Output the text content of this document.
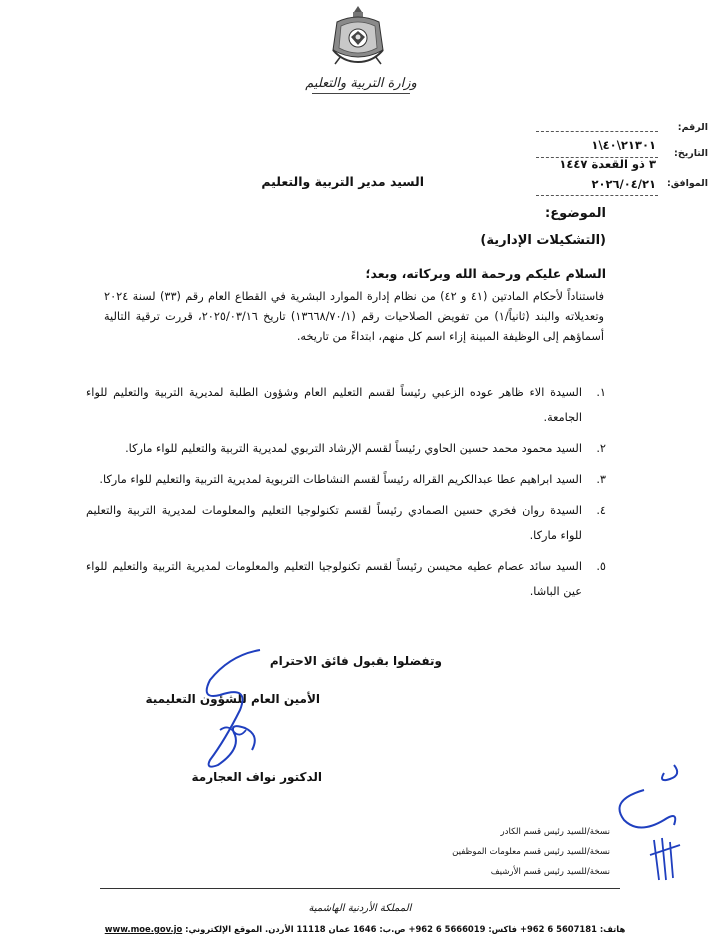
وزارة التربية والتعليم
الرقم:
التاريخ:
٢١٣٠١\٤٠\١
٣ ذو القعدة ١٤٤٧
الموافق:
٢٠٢٦/٠٤/٢١
السيد مدير التربية والتعليم
الموضوع:
(التشكيلات الإدارية)
السلام عليكم ورحمة الله وبركاته، وبعد؛
فاستناداً لأحكام المادتين (٤١ و ٤٢) من نظام إدارة الموارد البشرية في القطاع العام رقم (٣٣) لسنة ٢٠٢٤ وتعديلاته والبند (ثانياً/١) من تفويض الصلاحيات رقم (١٣٦٦٨/٧٠/١) تاريخ ٢٠٢٥/٠٣/١٦، قررت ترقية التالية أسماؤهم إلى الوظيفة المبينة إزاء اسم كل منهم، ابتداءً من تاريخه.
١.
السيدة الاء ظاهر عوده الزعبي رئيساً لقسم التعليم العام وشؤون الطلبة لمديرية التربية والتعليم للواء الجامعة.
٢.
السيد محمود محمد حسين الحاوي رئيساً لقسم الإرشاد التربوي لمديرية التربية والتعليم للواء ماركا.
٣.
السيد ابراهيم عطا عبدالكريم القراله رئيساً لقسم النشاطات التربوية لمديرية التربية والتعليم للواء ماركا.
٤.
السيدة روان فخري حسين الصمادي رئيساً لقسم تكنولوجيا التعليم والمعلومات لمديرية التربية والتعليم للواء ماركا.
٥.
السيد سائد عصام عطيه محيسن رئيساً لقسم تكنولوجيا التعليم والمعلومات لمديرية التربية والتعليم للواء عين الباشا.
وتفضلوا بقبول فائق الاحترام
الأمين العام للشؤون التعليمية
الدكتور نواف العجارمة
نسخة/للسيد رئيس قسم الكادر
نسخة/للسيد رئيس قسم معلومات الموظفين
نسخة/للسيد رئيس قسم الأرشيف
المملكة الأردنية الهاشمية
هاتف: 5607181 6 962+ فاكس: 5666019 6 962+ ص.ب: 1646 عمان 11118 الأردن. الموقع الإلكتروني: www.moe.gov.jo
